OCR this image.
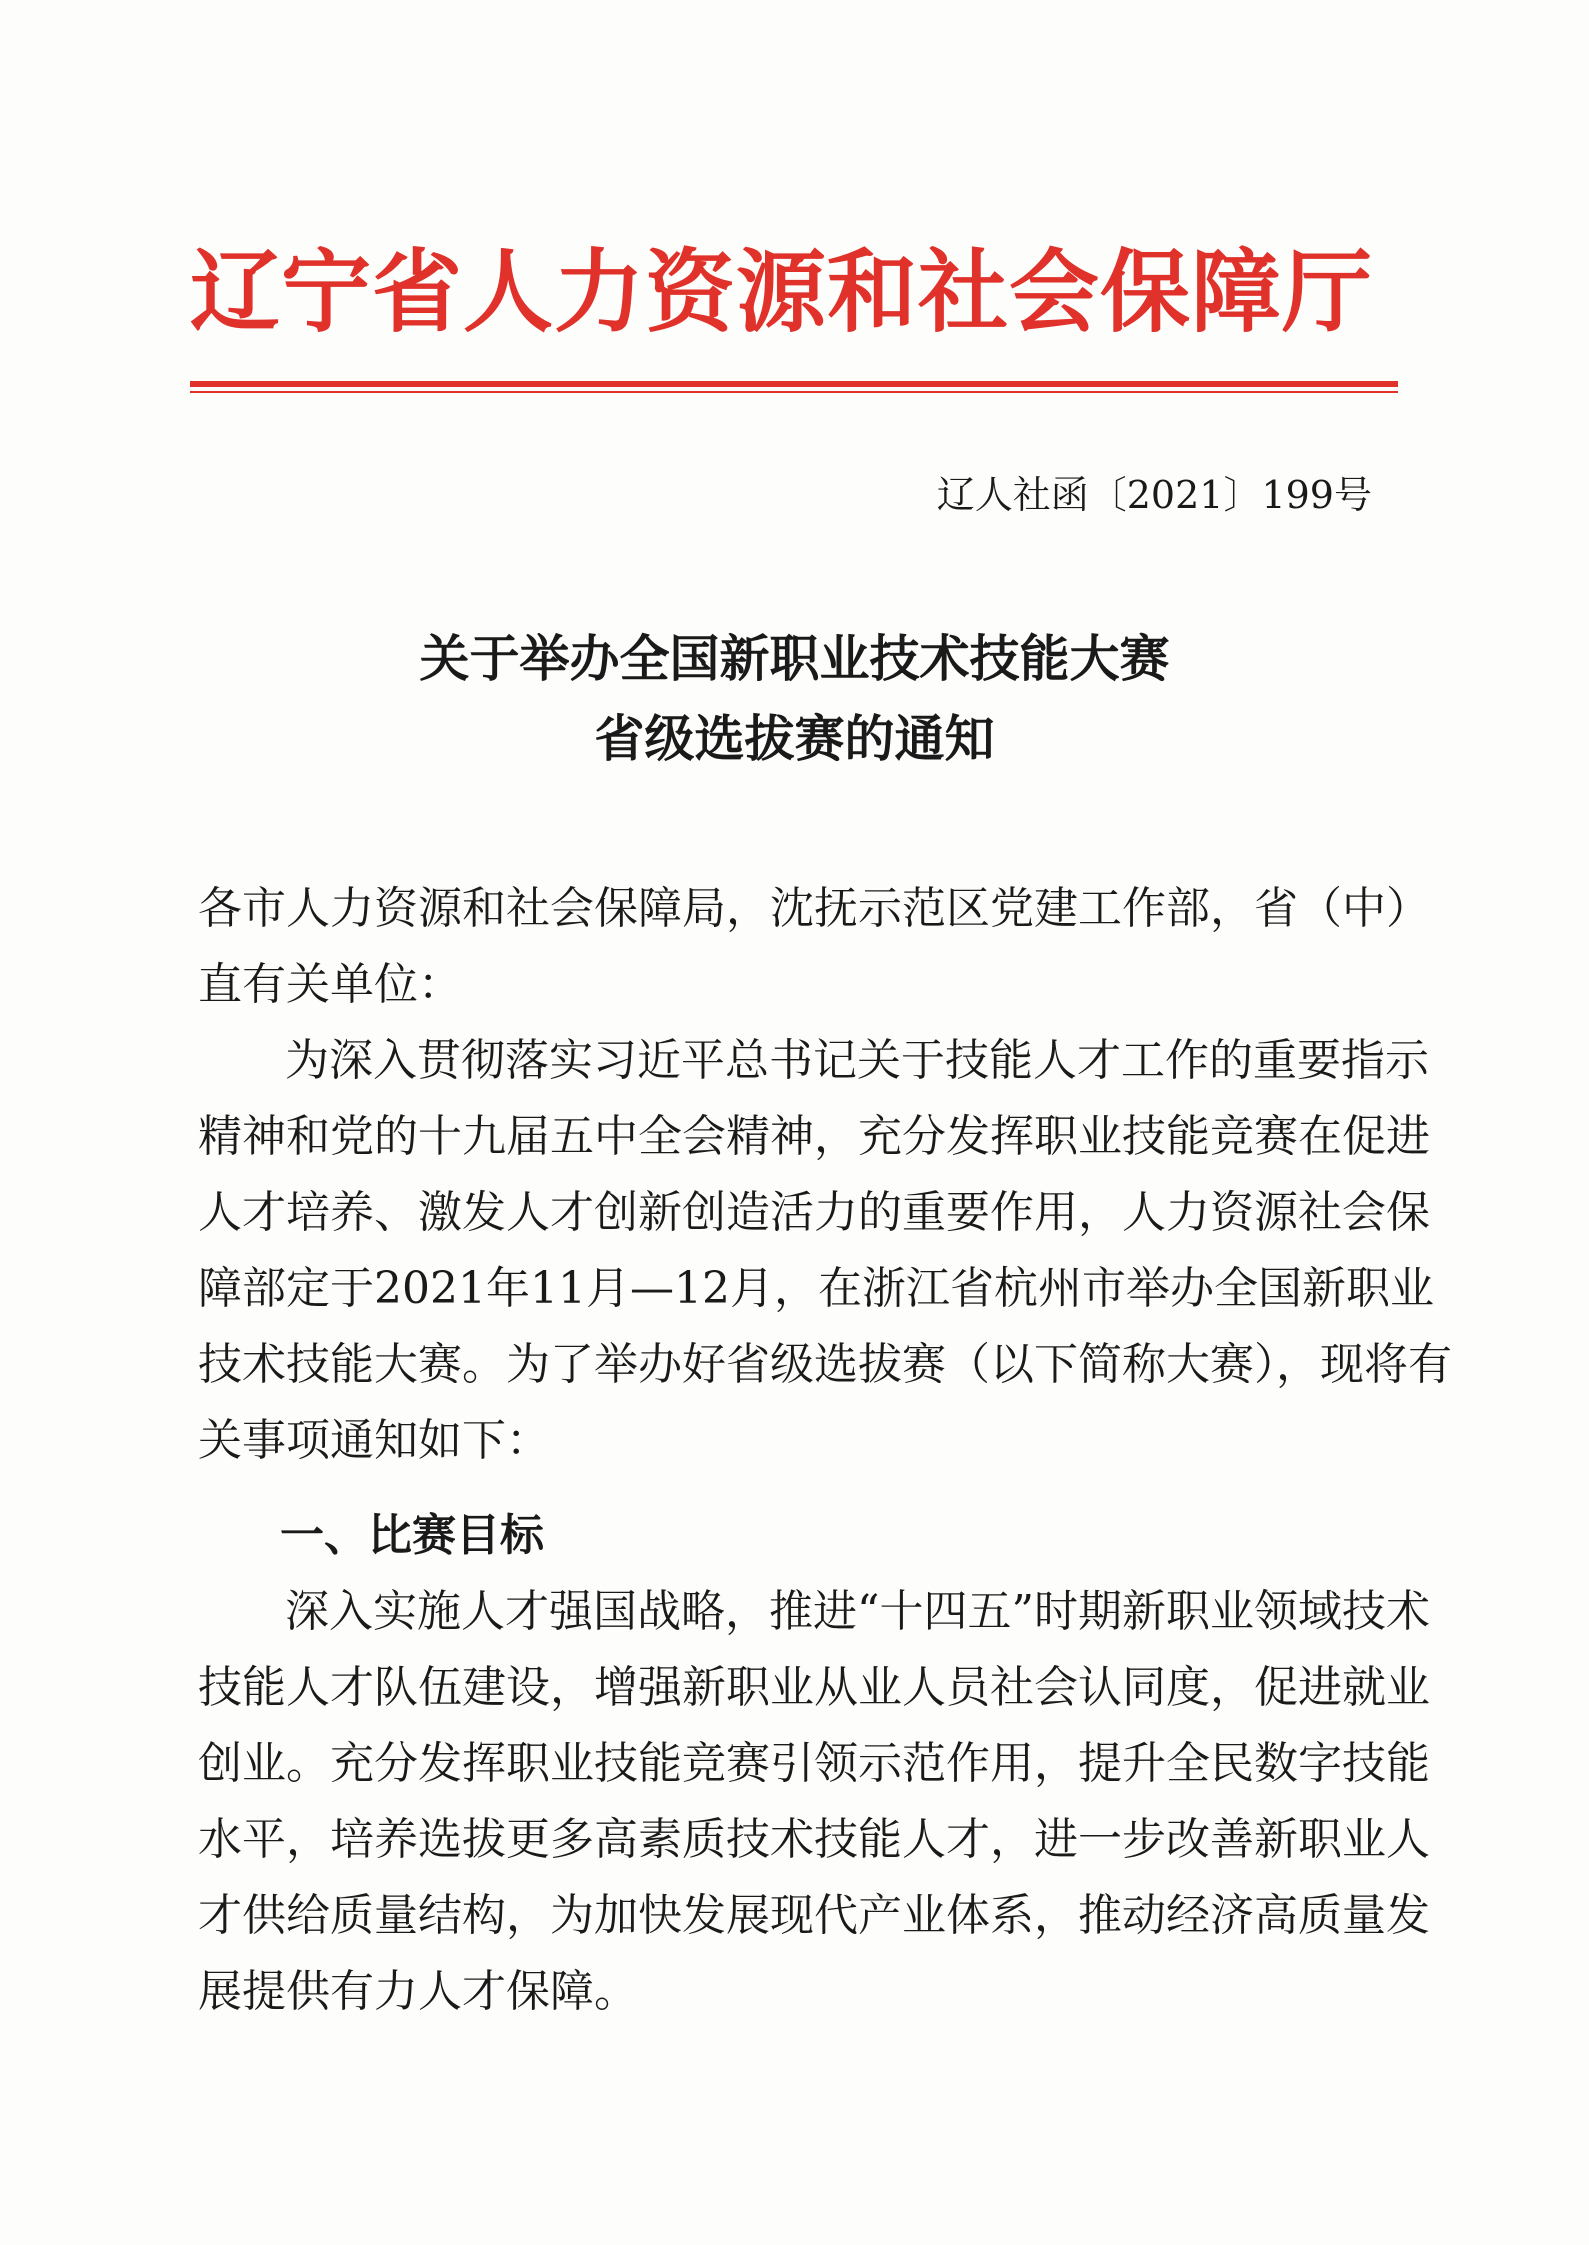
辽宁省人力资源和社会保障厅
辽人社函〔2021〕199号
关于举办全国新职业技术技能大赛
省级选拔赛的通知
各市人力资源和社会保障局，沈抚示范区党建工作部，省（中）
直有关单位：
为深入贯彻落实习近平总书记关于技能人才工作的重要指示
精神和党的十九届五中全会精神，充分发挥职业技能竞赛在促进
人才培养、激发人才创新创造活力的重要作用，人力资源社会保
障部定于2021年11月—12月，在浙江省杭州市举办全国新职业
技术技能大赛。为了举办好省级选拔赛（以下简称大赛），现将有
关事项通知如下：
一、比赛目标
深入实施人才强国战略，推进“十四五”时期新职业领域技术
技能人才队伍建设，增强新职业从业人员社会认同度，促进就业
创业。充分发挥职业技能竞赛引领示范作用，提升全民数字技能
水平，培养选拔更多高素质技术技能人才，进一步改善新职业人
才供给质量结构，为加快发展现代产业体系，推动经济高质量发
展提供有力人才保障。
